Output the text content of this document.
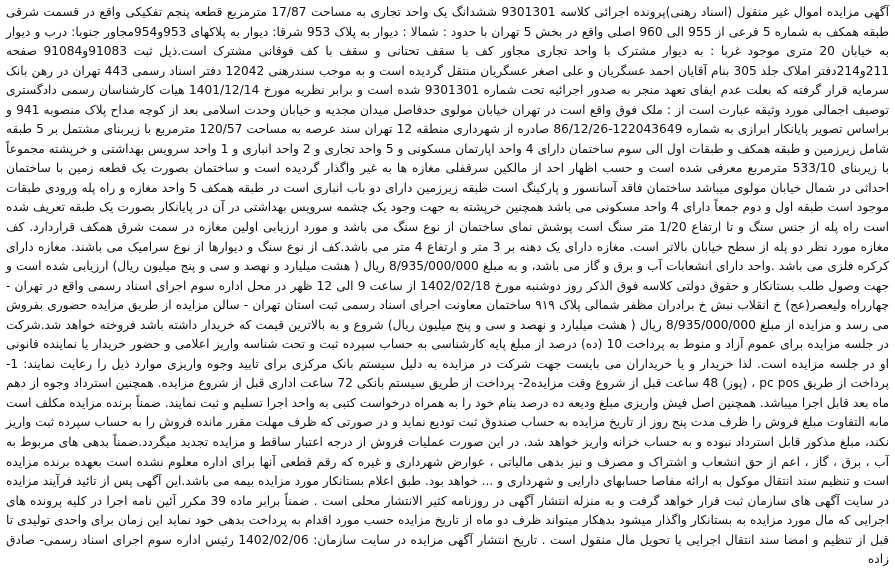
آگهی مزایده اموال غیر منقول (اسناد رهنی)پرونده اجرائی کلاسه 9301301 ششدانگ یک واحد تجاری به مساحت 17/87 مترمربع قطعه پنجم تفکیکی واقع در قسمت شرقی طبقه همکف به شماره 5 فرعی از 955 الی 960 اصلی واقع در بخش 5 تهران با حدود : شمالا : دیوار به پلاک 953 شرقا: دیوار به پلاکهای 953و954مجاور جنوبا: درب و دیوار به خیابان 20 متری موجود غربا : به دیوار مشترک با واحد تجاری مجاور کف با سقف تحتانی و سقف با کف فوقانی مشترک است.ذیل ثبت 91083و91084 صفحه 211و214دفتر املاک جلد 305 بنام آقایان احمد عسگریان و علی اصغر عسگریان منتقل گردیده است و به موجب سندرهنی 12042 دفتر اسناد رسمی 443 تهران در رهن بانک سرمایه قرار گرفته که بعلت عدم ایفای تعهد منجر به صدور اجرائیه تحت شماره 9301301 شده است و برابر نظریه مورخ 1401/12/14 هیات کارشناسان رسمی دادگستری توصیف اجمالی مورد وثیقه عبارت است از : ملک فوق واقع است در تهران خیابان مولوی حدفاصل میدان مجدیه و خیابان وحدت اسلامی بعد از کوچه مداح پلاک منصوبه 941 و براساس تصویر پایانکار ابرازی به شماره 122043649-86/12/26 صادره از شهرداری منطقه 12 تهران سند عرصه به مساحت 120/57 مترمربع با زیربنای مشتمل بر 5 طبقه شامل زیرزمین و طبقه همکف و طبقات اول الی سوم ساختمان دارای 4 واحد اپارتمان مسکونی و 5 واحد تجاری و 2 واحد انباری و 1 واحد سرویس بهداشتی و خرپشته مجموعاً با زیربنای 533/10 مترمربع معرفی شده است و حسب اظهار احد از مالکین سرقفلی مغازه ها به غیر واگذار گردیده است و ساختمان بصورت یک قطعه زمین با ساختمان احداثی در شمال خیابان مولوی میباشد ساختمان فاقد آسانسور و پارکینگ است طبقه زیرزمین دارای دو باب انباری است در طبقه همکف 5 واحد مغازه و راه پله ورودی طبقات موجود است طبقه اول و دوم جمعاً دارای 4 واحد مسکونی می باشد همچنین خرپشته به جهت وجود یک چشمه سرویس بهداشتی در آن در پایانکار بصورت یک طبقه تعریف شده است راه پله از جنس سنگ و تا ارتفاع 1/20 متر سنگ است پوشش نمای ساختمان از نوع سنگ می باشد و مورد ارزیابی اولین مغازه در سمت شرق همکف قراردارد. کف مغازه مورد نظر دو پله از سطح خیابان بالاتر است. مغازه دارای یک دهنه بر 3 متر و ارتفاع 4 متر می باشد.کف از نوع سنگ و دیوارها از نوع سرامیک می باشند. مغازه دارای کرکره فلزی می باشد .واحد دارای انشعابات آب و برق و گاز می باشد، و به مبلغ 8/935/000/000 ریال ( هشت میلیارد و نهصد و سی و پنج میلیون ریال) ارزیابی شده است و جهت وصول طلب بستانکار و حقوق دولتی کلاسه فوق الذکر روز دوشنبه مورخ 1402/02/18 از ساعت 9 الی 12 ظهر در محل اداره سوم اجرای اسناد رسمی واقع در تهران - چهارراه ولیعصر(عج) خ انقلاب نبش خ برادران مظفر شمالی پلاک ۹۱۹ ساختمان معاونت اجرای اسناد رسمی ثبت استان تهران - سالن مزایده از طریق مزایده حضوری بفروش می رسد و مزایده از مبلغ 8/935/000/000 ریال ( هشت میلیارد و نهصد و سی و پنج میلیون ریال) شروع و به بالاترین قیمت که خریدار داشته باشد فروخته خواهد شد.شرکت در جلسه مزایده برای عموم آزاد و منوط به پرداخت 10 (ده) درصد از مبلغ پایه کارشناسی به حساب سپرده ثبت و تحت شناسه واریز اعلامی و حضور خریدار یا نماینده قانونی او در جلسه مزایده است. لذا خریدار و یا خریداران می بایست جهت شرکت در مزایده به دلیل سیستم بانک مرکزی برای تایید وجوه واریزی موارد ذیل را رعایت نمایند: 1- پرداخت از طریق pc pos ، (پوز) 48 ساعت قبل از شروع وقت مزایده2- پرداخت از طریق سیستم بانکی 72 ساعت اداری قبل از شروع مزایده. همچنین استرداد وجوه از دهم ماه بعد قابل اجرا میباشد. همچنین اصل فیش واریزی مبلغ ودیعه ده درصد بنام خود را به همراه درخواست کتبی به واحد اجرا تسلیم و ثبت نمایند. ضمناً برنده مزایده مکلف است مابه التفاوت مبلغ فروش را ظرف مدت پنج روز از تاریخ مزایده به حساب صندوق ثبت تودیع نماید و در صورتی که ظرف مهلت مقرر مانده فروش را به حساب سپرده ثبت واریز نکند، مبلغ مذکور قابل استرداد نبوده و به حساب خزانه واریز خواهد شد. در این صورت عملیات فروش از درجه اعتبار ساقط و مزایده تجدید میگردد.ضمناً بدهی های مربوط به آب ، برق ، گاز ، اعم از حق انشعاب و اشتراک و مصرف و نیز بدهی مالیاتی ، عوارض شهرداری و غیره که رقم قطعی آنها برای اداره معلوم نشده است بعهده برنده مزایده است و تنظیم سند انتقال موکول به ارائه مفاصا حسابهای دارایی و شهرداری و ... خواهد بود. طبق اعلام بستانکار مورد مزایده بیمه می باشد.این آگهی پس از تائید فرآیند مزایده در سایت آگهی های سازمان ثبت قرار خواهد گرفت و به منزله انتشار آگهی در روزنامه کثیر الانتشار محلی است . ضمناً برابر ماده 39 مکرر آئین نامه اجرا در کلیه پرونده های اجرایی که مال مورد مزایده به بستانکار واگذار میشود بدهکار میتواند ظرف دو ماه از تاریخ مزایده حسب مورد اقدام به پرداخت بدهی خود نماید این زمان برای واحدی تولیدی تا قبل از تنظیم و امضا سند انتقال اجرایی یا تحویل مال منقول است . تاریخ انتشار آگهی مزایده در سایت سازمان: 1402/02/06 رئیس اداره سوم اجرای اسناد رسمی- صادق زاده
